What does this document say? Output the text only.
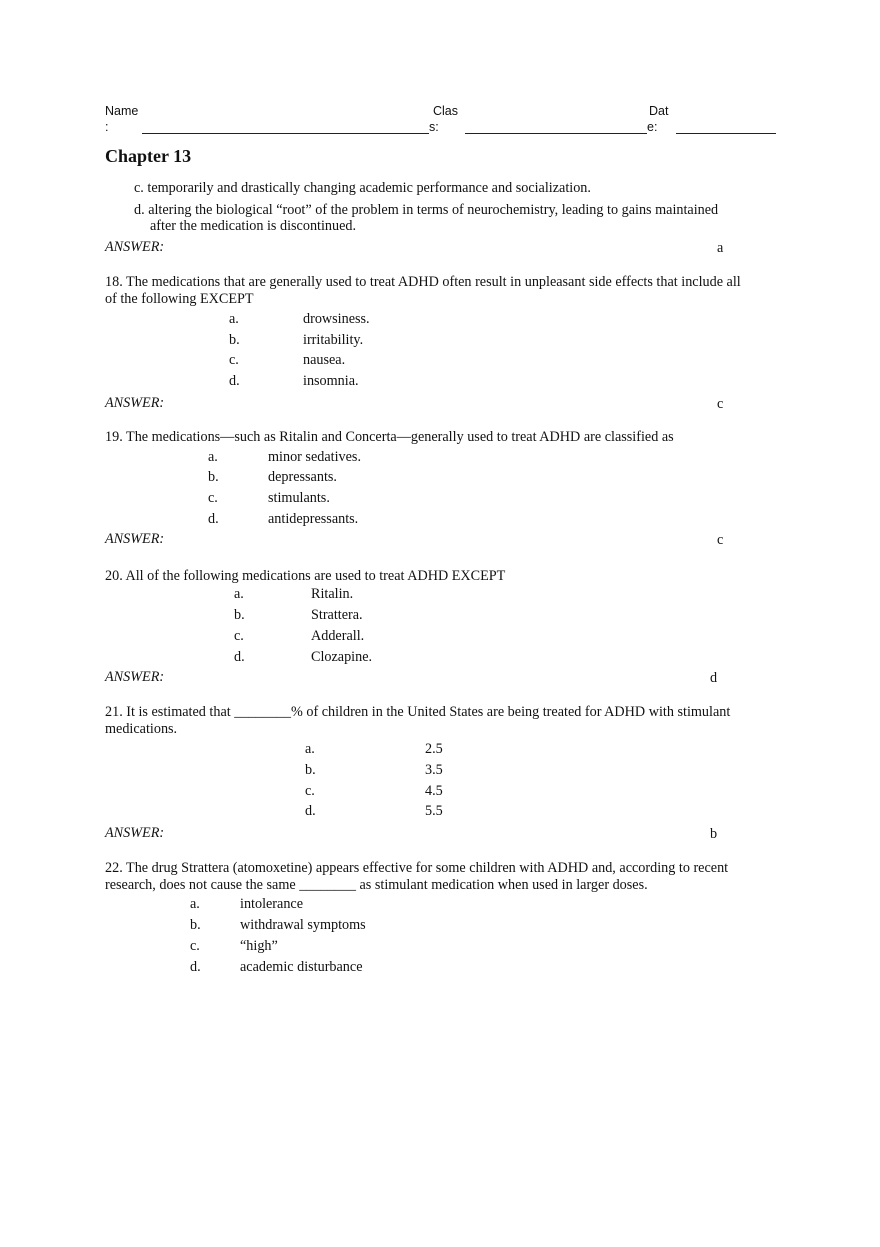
Name
:
Clas
s:
Dat
e:
Chapter 13
c. temporarily and drastically changing academic performance and socialization.
d. altering the biological “root” of the problem in terms of neurochemistry, leading to gains maintained
after the medication is discontinued.
ANSWER:	a
18. The medications that are generally used to treat ADHD often result in unpleasant side effects that include all
of the following EXCEPT
a.	drowsiness.
b.	irritability.
c.	nausea.
d.	insomnia.
ANSWER:	c
19. The medications—such as Ritalin and Concerta—generally used to treat ADHD are classified as
a.	minor sedatives.
b.	depressants.
c.	stimulants.
d.	antidepressants.
ANSWER:	c
20. All of the following medications are used to treat ADHD EXCEPT
a.	Ritalin.
b.	Strattera.
c.	Adderall.
d.	Clozapine.
ANSWER:	d
21. It is estimated that ________% of children in the United States are being treated for ADHD with stimulant
medications.
a.	2.5
b.	3.5
c.	4.5
d.	5.5
ANSWER:	b
22. The drug Strattera (atomoxetine) appears effective for some children with ADHD and, according to recent
research, does not cause the same ________ as stimulant medication when used in larger doses.
a.	intolerance
b.	withdrawal symptoms
c.	“high”
d.	academic disturbance
